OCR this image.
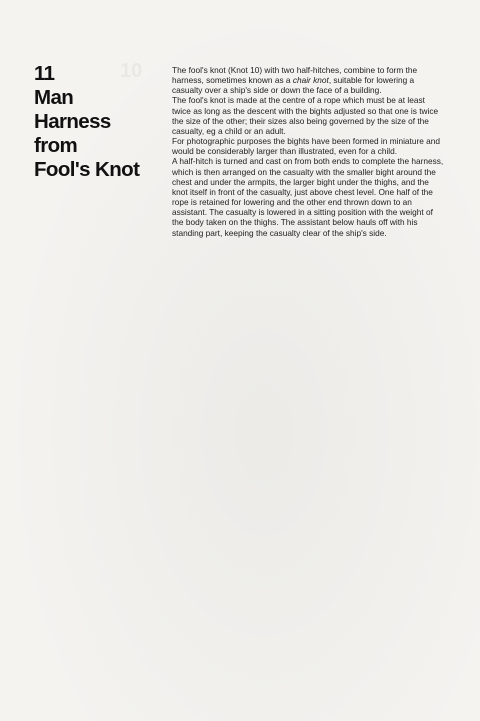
11
Man
Harness
from
Fool's Knot

The fool's knot (Knot 10) with two half-hitches, combine to form the harness, sometimes known as a chair knot, suitable for lowering a casualty over a ship's side or down the face of a building.

The fool's knot is made at the centre of a rope which must be at least twice as long as the descent with the bights adjusted so that one is twice the size of the other; their sizes also being governed by the size of the casualty, eg a child or an adult.

For photographic purposes the bights have been formed in miniature and would be considerably larger than illustrated, even for a child.

A half-hitch is turned and cast on from both ends to complete the harness, which is then arranged on the casualty with the smaller bight around the chest and under the armpits, the larger bight under the thighs, and the knot itself in front of the casualty, just above chest level. One half of the rope is retained for lowering and the other end thrown down to an assistant. The casualty is lowered in a sitting position with the weight of the body taken on the thighs. The assistant below hauls off with his standing part, keeping the casualty clear of the ship's side.
